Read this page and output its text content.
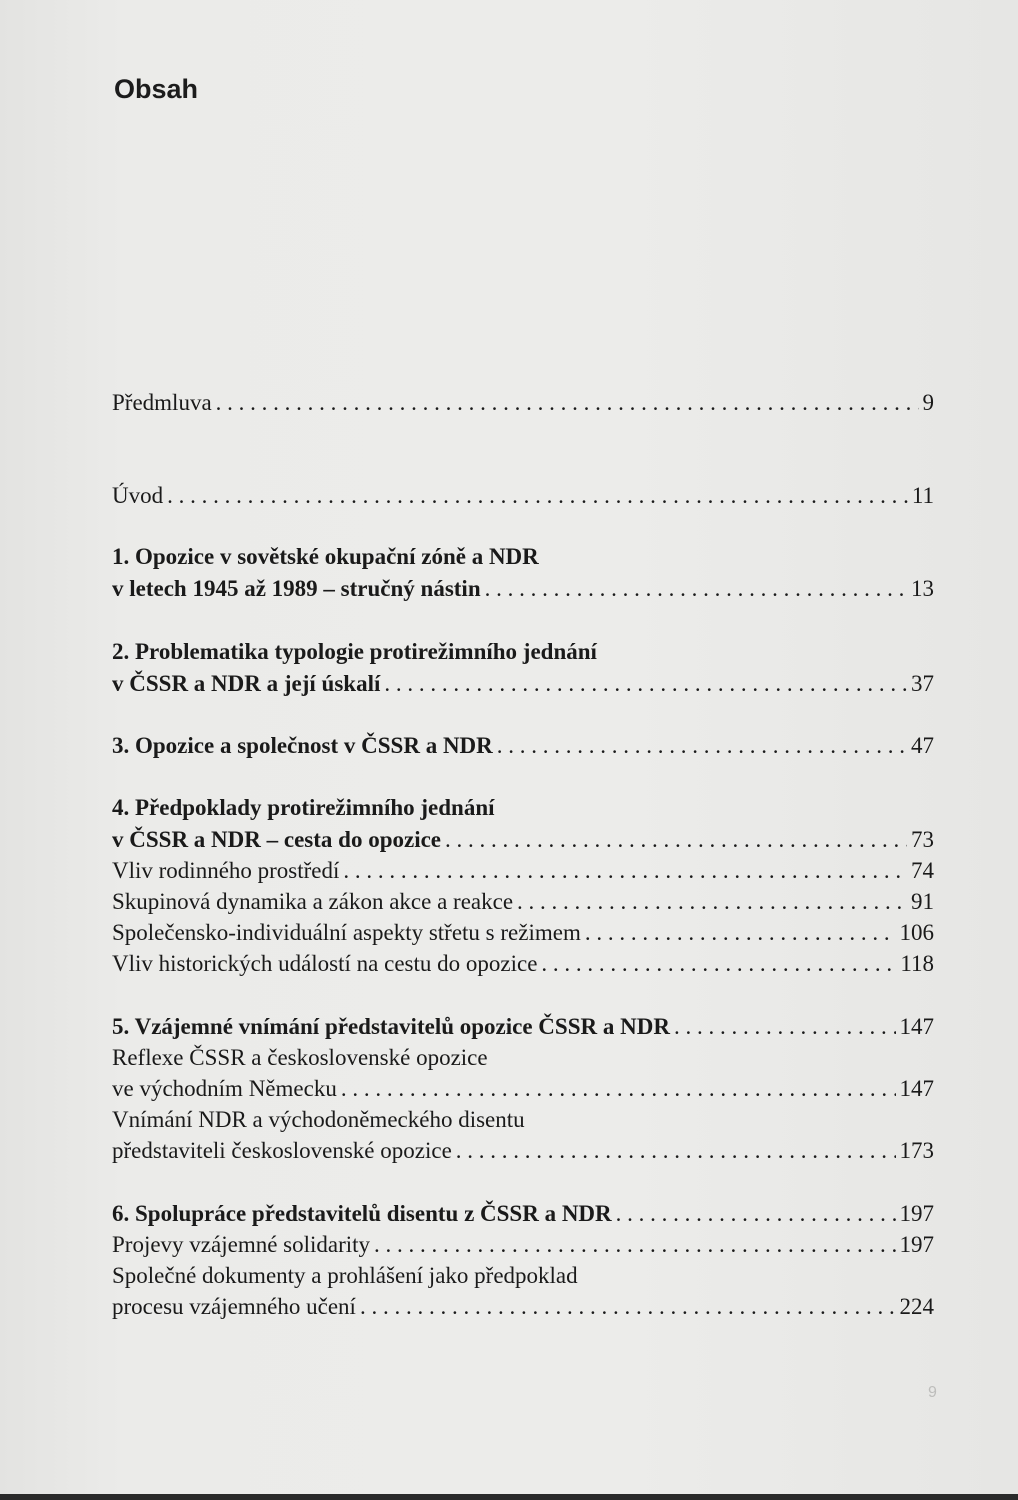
Obsah
Předmluva . . .	9
Úvod . . .	11
1. Opozice v sovětské okupační zóně a NDR
v letech 1945 až 1989 – stručný nástin . . .	13
2. Problematika typologie protirežimního jednání
v ČSSR a NDR a její úskalí . . .	37
3. Opozice a společnost v ČSSR a NDR . . .	47
4. Předpoklady protirežimního jednání
v ČSSR a NDR – cesta do opozice . . .	73
Vliv rodinného prostředí . . .	74
Skupinová dynamika a zákon akce a reakce . . .	91
Společensko-individuální aspekty střetu s režimem . . .	106
Vliv historických událostí na cestu do opozice . . .	118
5. Vzájemné vnímání představitelů opozice ČSSR a NDR . . .	147
Reflexe ČSSR a československé opozice
ve východním Německu . . .	147
Vnímání NDR a východoněmeckého disentu
představiteli československé opozice . . .	173
6. Spolupráce představitelů disentu z ČSSR a NDR . . .	197
Projevy vzájemné solidarity . . .	197
Společné dokumenty a prohlášení jako předpoklad
procesu vzájemného učení . . .	224
9
